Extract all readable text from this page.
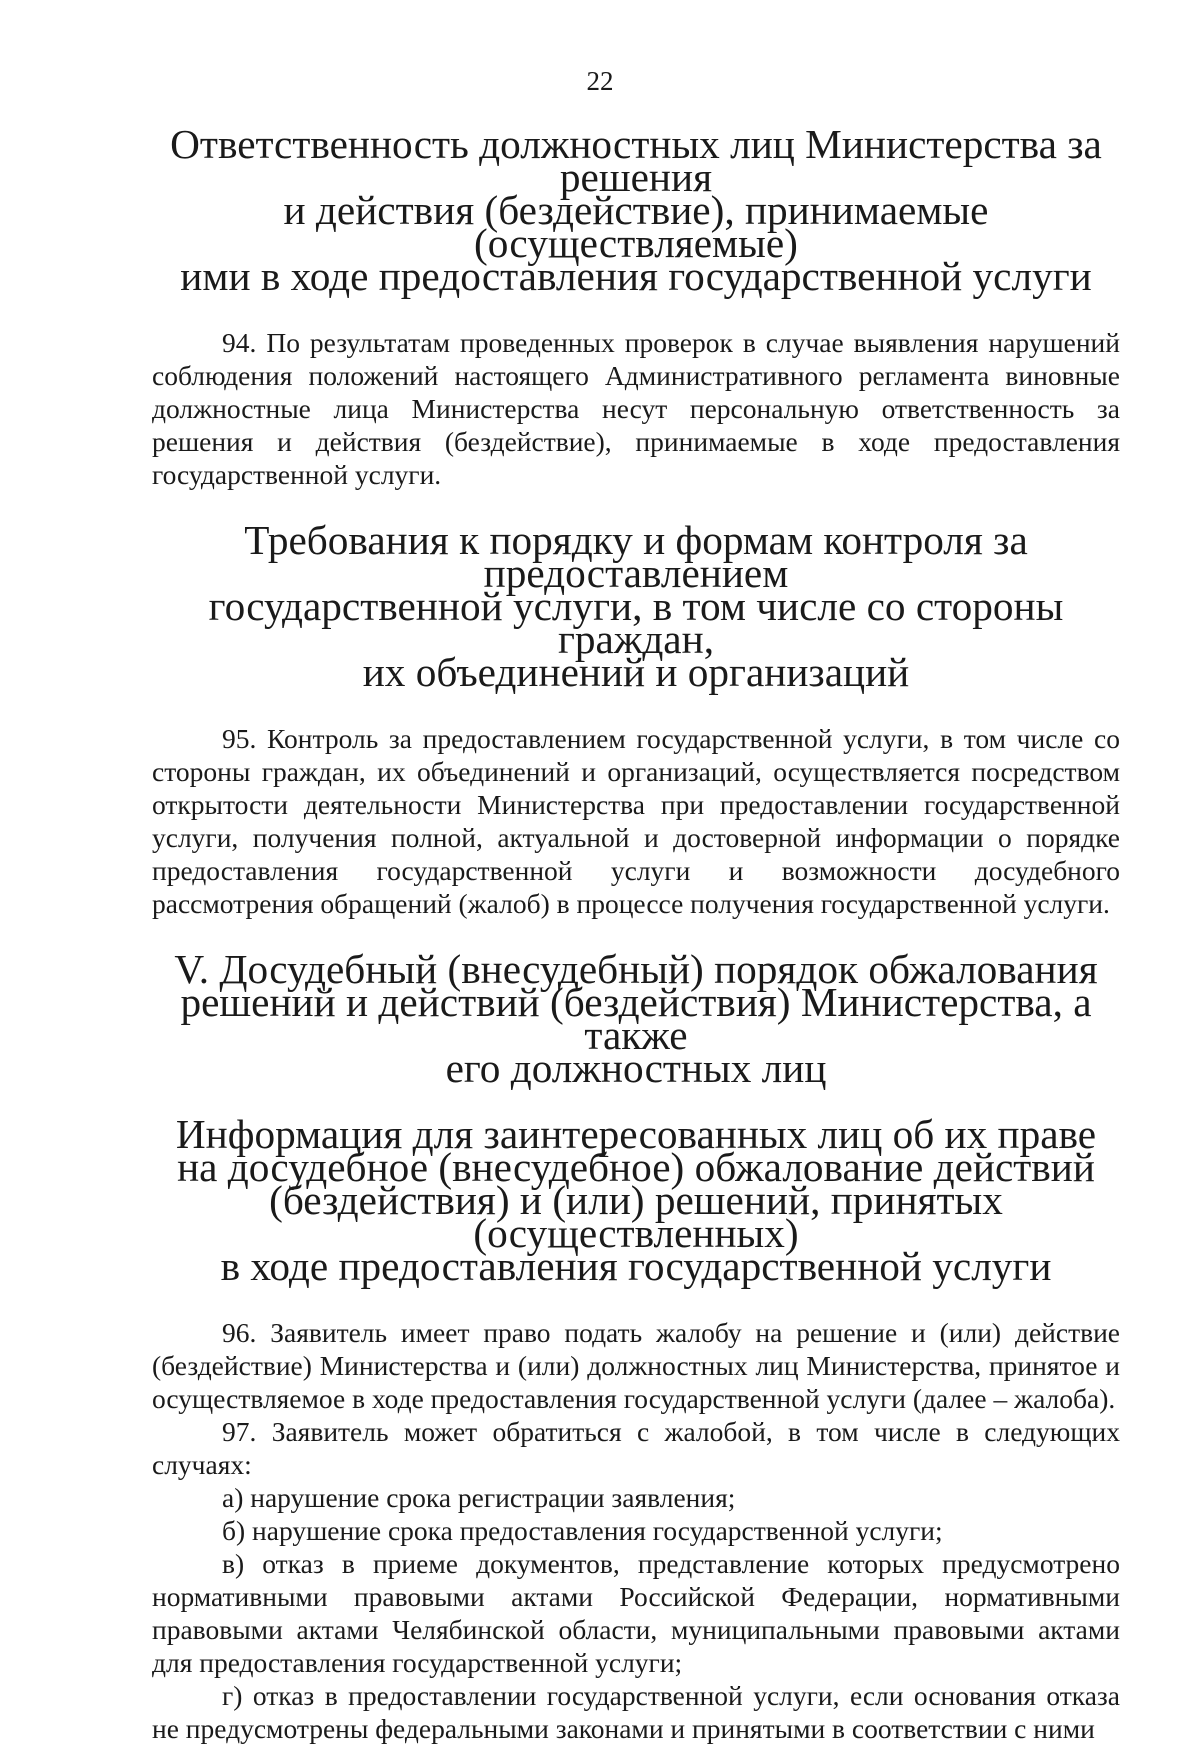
22
Ответственность должностных лиц Министерства за решения
и действия (бездействие), принимаемые (осуществляемые)
ими в ходе предоставления государственной услуги

94. По результатам проведенных проверок в случае выявления нарушений соблюдения положений настоящего Административного регламента виновные должностные лица Министерства несут персональную ответственность за решения и действия (бездействие), принимаемые в ходе предоставления государственной услуги.

Требования к порядку и формам контроля за предоставлением
государственной услуги, в том числе со стороны граждан,
их объединений и организаций

95. Контроль за предоставлением государственной услуги, в том числе со стороны граждан, их объединений и организаций, осуществляется посредством открытости деятельности Министерства при предоставлении государственной услуги, получения полной, актуальной и достоверной информации о порядке предоставления государственной услуги и возможности досудебного рассмотрения обращений (жалоб) в процессе получения государственной услуги.

V. Досудебный (внесудебный) порядок обжалования
решений и действий (бездействия) Министерства, а также
его должностных лиц
Информация для заинтересованных лиц об их праве
на досудебное (внесудебное) обжалование действий
(бездействия) и (или) решений, принятых (осуществленных)
в ходе предоставления государственной услуги

96. Заявитель имеет право подать жалобу на решение и (или) действие (бездействие) Министерства и (или) должностных лиц Министерства, принятое и осуществляемое в ходе предоставления государственной услуги (далее – жалоба).

97. Заявитель может обратиться с жалобой, в том числе в следующих случаях:

а) нарушение срока регистрации заявления;

б) нарушение срока предоставления государственной услуги;

в) отказ в приеме документов, представление которых предусмотрено нормативными правовыми актами Российской Федерации, нормативными правовыми актами Челябинской области, муниципальными правовыми актами для предоставления государственной услуги;

г) отказ в предоставлении государственной услуги, если основания отказа не предусмотрены федеральными законами и принятыми в соответствии с ними
